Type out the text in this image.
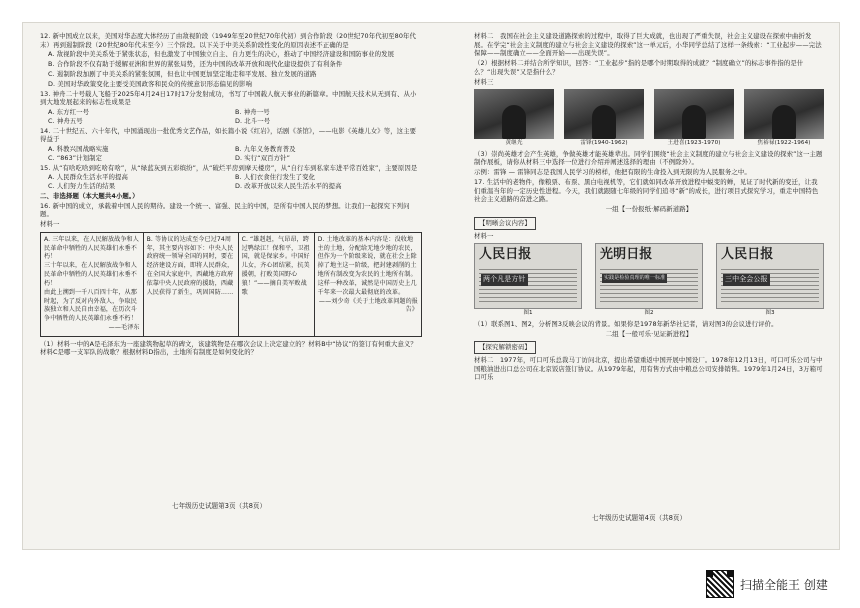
12. 新中国成立以来，美国对华态度大体经历了由敌视阶段（1949年至20世纪70年代初）到合作阶段（20世纪70年代初至80年代末）再到遏制阶段（20世纪80年代末至今）三个阶段。以下关于中美关系阶段性变化的原因表述不正确的是

A. 敌视阶段中美关系处于紧张状态，但也激发了中国独立自主、自力更生的决心，推动了中国经济建设和国防事业的发展

B. 合作阶段不仅有助于缓解亚洲和世界的紧张局势，还为中国的改革开放和现代化建设提供了有利条件

C. 遏制阶段加剧了中美关系的紧张氛围，但也让中国更加坚定地走和平发展、独立发展的道路

D. 美国对华政策变化主要受美国政客和民众的传统意识形态偏见的影响

13. 神舟二十号载人飞船于2025年4月24日17时17分发射成功，书写了中国载人航天事业的新篇章。中国航天技术从无到有、从小到大地发展起来的标志性成果是

A. 东方红一号	B. 神舟一号
C. 神舟五号	D. 北斗一号

14. 二十世纪五、六十年代，中国涌现出一批优秀文艺作品，如长篇小说《红岩》，话剧《茶馆》，——电影《英雄儿女》等，这主要得益于

A. 科教兴国战略实施	B. 九年义务教育普及
C. “863”计划制定	D. 实行“双百方针”

15. 从“有啥吃啥到吃啥有啥”，从“绿蓝灰到五彩缤纷”，从“破烂平房到摩天楼房”，从“自行车到私家车进平常百姓家”，主要原因是

A. 人民群众生活水平的提高	B. 人们衣食住行发生了变化
C. 人们努力生活的结果	D. 改革开放以来人民生活水平的提高

二、非选择题（本大题共4小题。）

16. 新中国的成立，承载着中国人民的期待。建设一个统一、富强、民主的中国，是所有中国人民的梦想。让我们一起探究下列问题。

材料一

A. 三年以来，在人民解放战争和人民革命中牺牲的人民英雄们永垂不朽！

三十年以来，在人民解放战争和人民革命中牺牲的人民英雄们永垂不朽！

由此上溯到一千八百四十年，从那时起，为了反对内外敌人，争取民族独立和人民自由幸福，在历次斗争中牺牲的人民英雄们永垂不朽！

——毛泽东

B. 等协议的达成至今已过74周年，其主要内容如下：中央人民政府统一领导全国的同时，要在经济建设方面，即将人民群众，在全国大家庭中，西藏地方政府依靠中央人民政府的援助，西藏人民获得了新生，巩固国防……

C. “雄赳赳，气昂昂，跨过鸭绿江！保和平，卫祖国，就是保家乡。中国好儿女，齐心团结紧，抗美援朝，打败美国野心狼！”——摘自美军败战歌

D. 土地改革的基本内容是：没收地主的土地，分配给无地少地的农民，但作为一个阶级来说，就在社会上除掉了地主这一阶级，把封建剥削的土地所有制改变为农民的土地所有制。这样一种改革，诚然是中国历史上几千年来一次最大最彻底的改革。

——刘少奇《关于土地改革问题的报告》

（1）材料一中的A是毛泽东为一座建筑物起草的碑文，该建筑物是在哪次会议上决定建立的？材料B中“协议”的签订有何重大意义？材料C是哪一支军队的战歌？根据材料D指出，土地所有制度是如何变化的？

七年级历史试题第3页（共8页）

材料二　我国在社会主义建设道路探索的过程中，取得了巨大成就，也出现了严重失误，社会主义建设在探索中曲折发展。在学完“社会主义制度的建立与社会主义建设的探索”这一单元后，小华同学总结了这样一条线索：“工业起步——完法保障——制度确立——全面开始——出现失误”。

（2）根据材料二并结合所学知识，回答：“工业起步”指的是哪个时期取得的成就？“制度确立”的标志事件指的是什么？“出现失误”又是指什么？

材料三

黄继光	雷锋(1940-1962)	王进喜(1923-1970)	焦裕禄(1922-1964)

（3）崇尚英雄才会产生英雄，争做英雄才能英雄辈出。同学们围绕“社会主义制度的建立与社会主义建设的探索”这一主题制作展板，请你从材料三中选择一位进行介绍并阐述选择的理由（不例除外）。

示例：雷锋 — 雷锋同志是我国人民学习的榜样，他把有限的生命投入到无限的为人民服务之中。

17. 生活中的老物件，像粮票、布票、黑白电视机等，它们就如同改革开放进程中蜕变的蝉，见证了时代新的变迁，让我们重温当年的一定历史性进程。今天，我们就跟随七年级的同学们追寻“新”的成长，进行项目式探究学习，重走中国特色社会主义道路的奋进之路。

一组【一份报纸·解码新道路】

【明晰会议内容】

材料一

人民日报
两个凡是方针
图1
光明日报
实践是检验真理的唯一标准
图2
人民日报
三中全会公报
图3

（1）联系图1、图2，分析图3反映会议的背景。如果你是1978年新华社记者，请对图3的会议进行评价。

二组【一般可乐·见证新进程】

【探究解锁密码】

材料二　1977年，可口可乐总裁马丁访问北京，提出希望重返中国开展中国设厂。1978年12月13日，可口可乐公司与中国粮油进出口总公司在北京饭店签订协议。从1979年起，用有售方式由中粮总公司安排销售。1979年1月24日，3万箱可口可乐

七年级历史试题第4页（共8页）
扫描全能王 创建
